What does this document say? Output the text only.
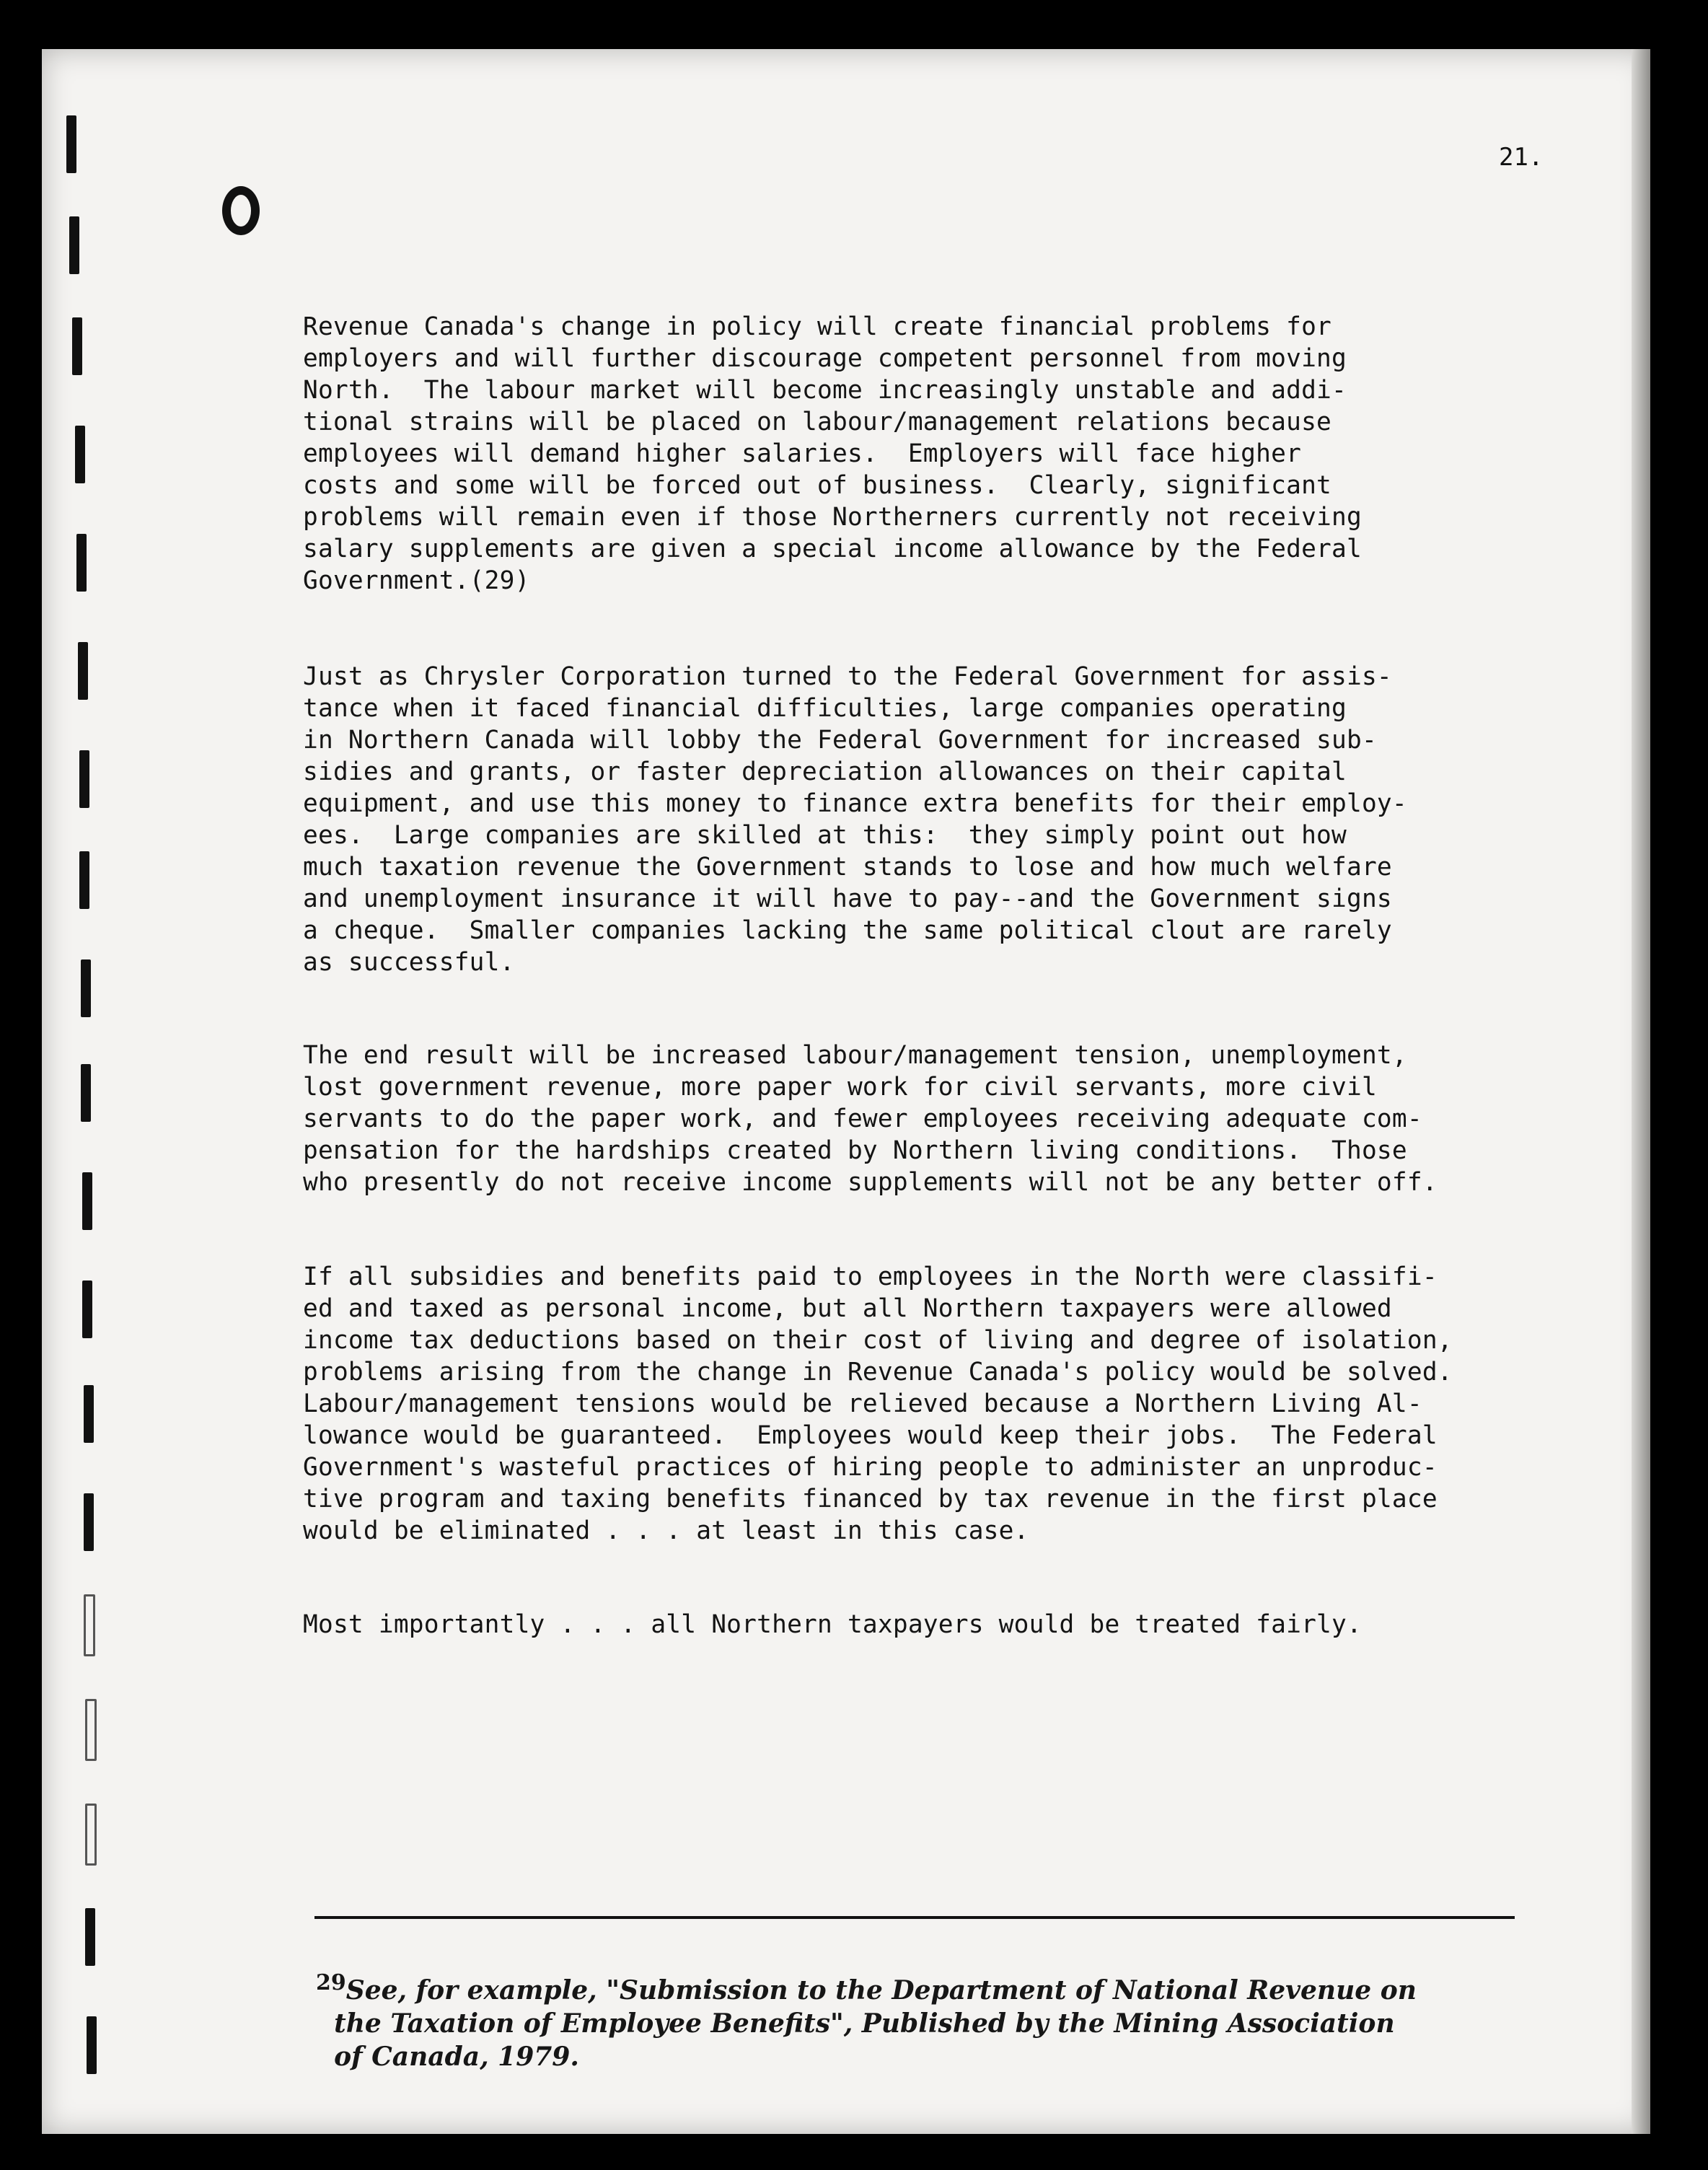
21.
Revenue Canada's change in policy will create financial problems for
employers and will further discourage competent personnel from moving
North.  The labour market will become increasingly unstable and addi-
tional strains will be placed on labour/management relations because
employees will demand higher salaries.  Employers will face higher
costs and some will be forced out of business.  Clearly, significant
problems will remain even if those Northerners currently not receiving
salary supplements are given a special income allowance by the Federal
Government.(29)
Just as Chrysler Corporation turned to the Federal Government for assis-
tance when it faced financial difficulties, large companies operating
in Northern Canada will lobby the Federal Government for increased sub-
sidies and grants, or faster depreciation allowances on their capital
equipment, and use this money to finance extra benefits for their employ-
ees.  Large companies are skilled at this:  they simply point out how
much taxation revenue the Government stands to lose and how much welfare
and unemployment insurance it will have to pay--and the Government signs
a cheque.  Smaller companies lacking the same political clout are rarely
as successful.
The end result will be increased labour/management tension, unemployment,
lost government revenue, more paper work for civil servants, more civil
servants to do the paper work, and fewer employees receiving adequate com-
pensation for the hardships created by Northern living conditions.  Those
who presently do not receive income supplements will not be any better off.
If all subsidies and benefits paid to employees in the North were classifi-
ed and taxed as personal income, but all Northern taxpayers were allowed
income tax deductions based on their cost of living and degree of isolation,
problems arising from the change in Revenue Canada's policy would be solved.
Labour/management tensions would be relieved because a Northern Living Al-
lowance would be guaranteed.  Employees would keep their jobs.  The Federal
Government's wasteful practices of hiring people to administer an unproduc-
tive program and taxing benefits financed by tax revenue in the first place
would be eliminated . . . at least in this case.
Most importantly . . . all Northern taxpayers would be treated fairly.
$^{29}$See, for example, "Submission to the Department of National Revenue on
the Taxation of Employee Benefits", Published by the Mining Association
of Canada, 1979.
